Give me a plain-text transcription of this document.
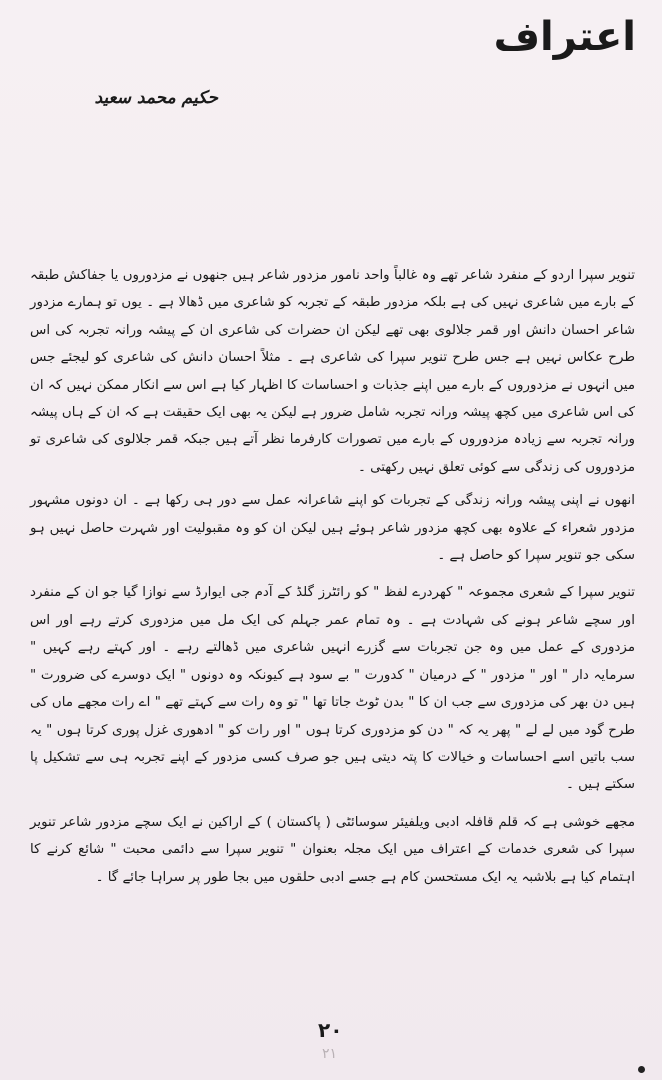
اعتراف
حکیم محمد سعید

تنویر سپرا اردو کے منفرد شاعر تھے وہ غالباً واحد نامور مزدور شاعر ہیں جنھوں نے مزدوروں یا جفاکش طبقہ کے بارے میں شاعری نہیں کی ہے بلکہ مزدور طبقہ کے تجربہ کو شاعری میں ڈھالا ہے ۔ یوں تو ہمارے مزدور شاعر احسان دانش اور قمر جلالوی بھی تھے لیکن ان حضرات کی شاعری ان کے پیشہ ورانہ تجربہ کی اس طرح عکاس نہیں ہے جس طرح تنویر سپرا کی شاعری ہے ۔ مثلاً احسان دانش کی شاعری کو لیجئے جس میں انہوں نے مزدوروں کے بارے میں اپنے جذبات و احساسات کا اظہار کیا ہے اس سے انکار ممکن نہیں کہ ان کی اس شاعری میں کچھ پیشہ ورانہ تجربہ شامل ضرور ہے لیکن یہ بھی ایک حقیقت ہے کہ ان کے ہاں پیشہ ورانہ تجربہ سے زیادہ مزدوروں کے بارے میں تصورات کارفرما نظر آتے ہیں جبکہ قمر جلالوی کی شاعری تو مزدوروں کی زندگی سے کوئی تعلق نہیں رکھتی ۔

انھوں نے اپنی پیشہ ورانہ زندگی کے تجربات کو اپنے شاعرانہ عمل سے دور ہی رکھا ہے ۔ ان دونوں مشہور مزدور شعراء کے علاوہ بھی کچھ مزدور شاعر ہوئے ہیں لیکن ان کو وہ مقبولیت اور شہرت حاصل نہیں ہو سکی جو تنویر سپرا کو حاصل ہے ۔

تنویر سپرا کے شعری مجموعہ " کھردرے لفظ " کو رائٹرز گلڈ کے آدم جی ایوارڈ سے نوازا گیا جو ان کے منفرد اور سچے شاعر ہونے کی شہادت ہے ۔ وہ تمام عمر جہلم کی ایک مل میں مزدوری کرتے رہے اور اس مزدوری کے عمل میں وہ جن تجربات سے گزرے انہیں شاعری میں ڈھالتے رہے ۔ اور کہتے رہے کہیں " سرمایہ دار " اور " مزدور " کے درمیان " کدورت " بے سود ہے کیونکہ وہ دونوں " ایک دوسرے کی ضرورت " ہیں دن بھر کی مزدوری سے جب ان کا " بدن ٹوٹ جاتا تھا " تو وہ رات سے کہتے تھے " اے رات مجھے ماں کی طرح گود میں لے لے " پھر یہ کہ " دن کو مزدوری کرتا ہوں " اور رات کو " ادھوری غزل پوری کرتا ہوں " یہ سب باتیں اسے احساسات و خیالات کا پتہ دیتی ہیں جو صرف کسی مزدور کے اپنے تجربہ ہی سے تشکیل پا سکتے ہیں ۔

مجھے خوشی ہے کہ قلم قافلہ ادبی ویلفیئر سوسائٹی ( پاکستان ) کے اراکین نے ایک سچے مزدور شاعر تنویر سپرا کی شعری خدمات کے اعتراف میں ایک مجلہ بعنوان " تنویر سپرا سے دائمی محبت " شائع کرنے کا اہتمام کیا ہے بلاشبہ یہ ایک مستحسن کام ہے جسے ادبی حلقوں میں بجا طور پر سراہا جائے گا ۔

۲۰
۲۱
